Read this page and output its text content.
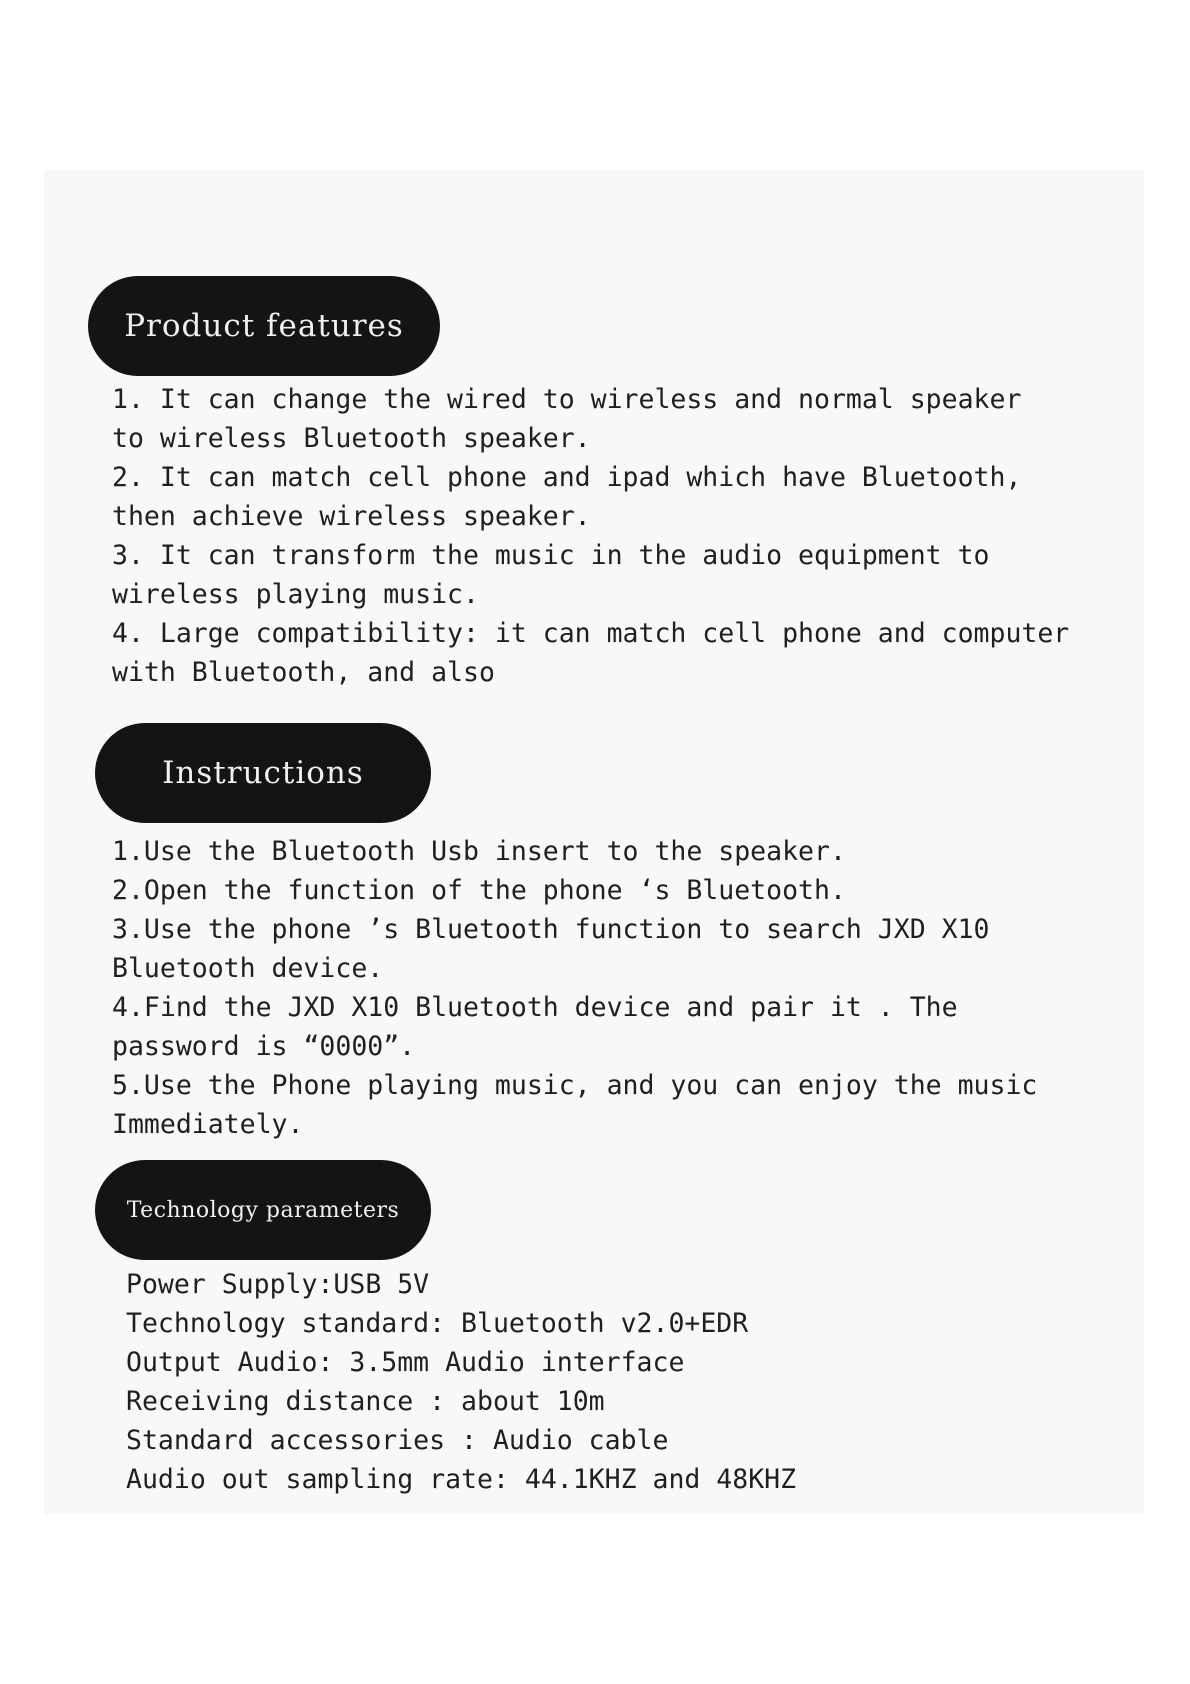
Product features
1. It can change the wired to wireless and normal speaker
to wireless Bluetooth speaker.
2. It can match cell phone and ipad which have Bluetooth,
then achieve wireless speaker.
3. It can transform the music in the audio equipment to
wireless playing music.
4. Large compatibility: it can match cell phone and computer
with Bluetooth, and also
Instructions
1.Use the Bluetooth Usb insert to the speaker.
2.Open the function of the phone ‘s Bluetooth.
3.Use the phone ’s Bluetooth function to search JXD X10
Bluetooth device.
4.Find the JXD X10 Bluetooth device and pair it . The
password is “0000”.
5.Use the Phone playing music, and you can enjoy the music
Immediately.
Technology parameters
Power Supply:USB 5V
Technology standard: Bluetooth v2.0+EDR
Output Audio: 3.5mm Audio interface
Receiving distance : about 10m
Standard accessories : Audio cable
Audio out sampling rate: 44.1KHZ and 48KHZ
